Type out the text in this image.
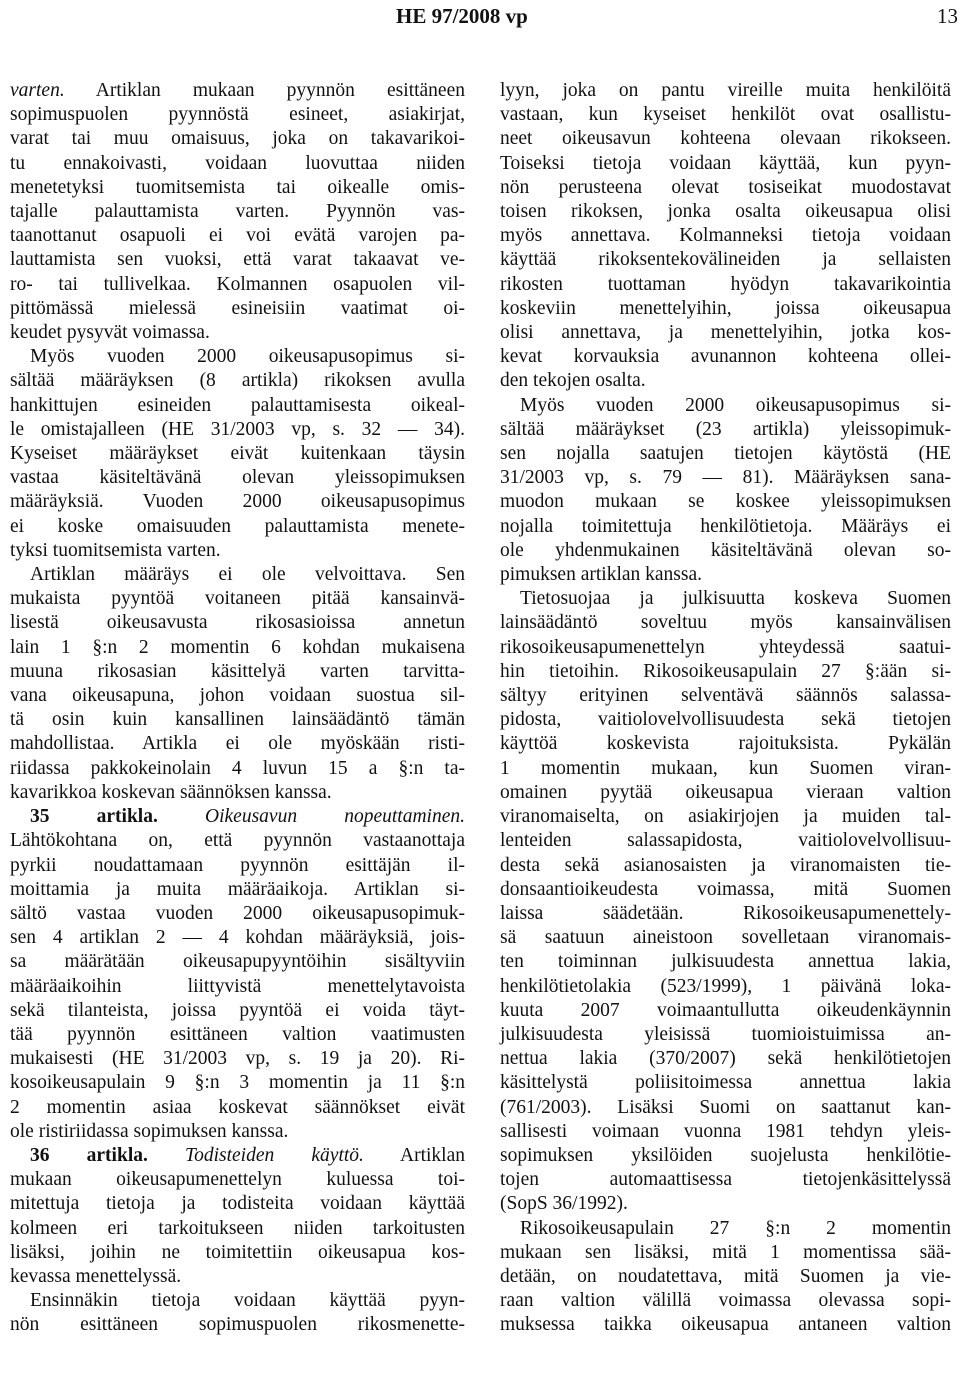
HE 97/2008 vp	13

varten. Artiklan mukaan pyynnön esittäneen
sopimuspuolen pyynnöstä esineet, asiakirjat,
varat tai muu omaisuus, joka on takavarikoi-
tu ennakoivasti, voidaan luovuttaa niiden
menetetyksi tuomitsemista tai oikealle omis-
tajalle palauttamista varten. Pyynnön vas-
taanottanut osapuoli ei voi evätä varojen pa-
lauttamista sen vuoksi, että varat takaavat ve-
ro- tai tullivelkaa. Kolmannen osapuolen vil-
pittömässä mielessä esineisiin vaatimat oi-
keudet pysyvät voimassa.

Myös vuoden 2000 oikeusapusopimus si-
sältää määräyksen (8 artikla) rikoksen avulla
hankittujen esineiden palauttamisesta oikeal-
le omistajalleen (HE 31/2003 vp, s. 32 — 34).
Kyseiset määräykset eivät kuitenkaan täysin
vastaa käsiteltävänä olevan yleissopimuksen
määräyksiä. Vuoden 2000 oikeusapusopimus
ei koske omaisuuden palauttamista menete-
tyksi tuomitsemista varten.

Artiklan määräys ei ole velvoittava. Sen
mukaista pyyntöä voitaneen pitää kansainvä-
lisestä oikeusavusta rikosasioissa annetun
lain 1 §:n 2 momentin 6 kohdan mukaisena
muuna rikosasian käsittelyä varten tarvitta-
vana oikeusapuna, johon voidaan suostua sil-
tä osin kuin kansallinen lainsäädäntö tämän
mahdollistaa. Artikla ei ole myöskään risti-
riidassa pakkokeinolain 4 luvun 15 a §:n ta-
kavarikkoa koskevan säännöksen kanssa.

35 artikla. Oikeusavun nopeuttaminen.
Lähtökohtana on, että pyynnön vastaanottaja
pyrkii noudattamaan pyynnön esittäjän il-
moittamia ja muita määräaikoja. Artiklan si-
sältö vastaa vuoden 2000 oikeusapusopimuk-
sen 4 artiklan 2 — 4 kohdan määräyksiä, jois-
sa määrätään oikeusapupyyntöihin sisältyviin
määräaikoihin liittyvistä menettelytavoista
sekä tilanteista, joissa pyyntöä ei voida täyt-
tää pyynnön esittäneen valtion vaatimusten
mukaisesti (HE 31/2003 vp, s. 19 ja 20). Ri-
kosoikeusapulain 9 §:n 3 momentin ja 11 §:n
2 momentin asiaa koskevat säännökset eivät
ole ristiriidassa sopimuksen kanssa.

36 artikla. Todisteiden käyttö. Artiklan
mukaan oikeusapumenettelyn kuluessa toi-
mitettuja tietoja ja todisteita voidaan käyttää
kolmeen eri tarkoitukseen niiden tarkoitusten
lisäksi, joihin ne toimitettiin oikeusapua kos-
kevassa menettelyssä.

Ensinnäkin tietoja voidaan käyttää pyyn-
nön esittäneen sopimuspuolen rikosmenette-

lyyn, joka on pantu vireille muita henkilöitä
vastaan, kun kyseiset henkilöt ovat osallistu-
neet oikeusavun kohteena olevaan rikokseen.
Toiseksi tietoja voidaan käyttää, kun pyyn-
nön perusteena olevat tosiseikat muodostavat
toisen rikoksen, jonka osalta oikeusapua olisi
myös annettava. Kolmanneksi tietoja voidaan
käyttää rikoksentekovälineiden ja sellaisten
rikosten tuottaman hyödyn takavarikointia
koskeviin menettelyihin, joissa oikeusapua
olisi annettava, ja menettelyihin, jotka kos-
kevat korvauksia avunannon kohteena ollei-
den tekojen osalta.

Myös vuoden 2000 oikeusapusopimus si-
sältää määräykset (23 artikla) yleissopimuk-
sen nojalla saatujen tietojen käytöstä (HE
31/2003 vp, s. 79 — 81). Määräyksen sana-
muodon mukaan se koskee yleissopimuksen
nojalla toimitettuja henkilötietoja. Määräys ei
ole yhdenmukainen käsiteltävänä olevan so-
pimuksen artiklan kanssa.

Tietosuojaa ja julkisuutta koskeva Suomen
lainsäädäntö soveltuu myös kansainvälisen
rikosoikeusapumenettelyn yhteydessä saatui-
hin tietoihin. Rikosoikeusapulain 27 §:ään si-
sältyy erityinen selventävä säännös salassa-
pidosta, vaitiolovelvollisuudesta sekä tietojen
käyttöä koskevista rajoituksista. Pykälän
1 momentin mukaan, kun Suomen viran-
omainen pyytää oikeusapua vieraan valtion
viranomaiselta, on asiakirjojen ja muiden tal-
lenteiden salassapidosta, vaitiolovelvollisuu-
desta sekä asianosaisten ja viranomaisten tie-
donsaantioikeudesta voimassa, mitä Suomen
laissa säädetään. Rikosoikeusapumenettely-
sä saatuun aineistoon sovelletaan viranomais-
ten toiminnan julkisuudesta annettua lakia,
henkilötietolakia (523/1999), 1 päivänä loka-
kuuta 2007 voimaantullutta oikeudenkäynnin
julkisuudesta yleisissä tuomioistuimissa an-
nettua lakia (370/2007) sekä henkilötietojen
käsittelystä poliisitoimessa annettua lakia
(761/2003). Lisäksi Suomi on saattanut kan-
sallisesti voimaan vuonna 1981 tehdyn yleis-
sopimuksen yksilöiden suojelusta henkilötie-
tojen automaattisessa tietojenkäsittelyssä
(SopS 36/1992).

Rikosoikeusapulain 27 §:n 2 momentin
mukaan sen lisäksi, mitä 1 momentissa sää-
detään, on noudatettava, mitä Suomen ja vie-
raan valtion välillä voimassa olevassa sopi-
muksessa taikka oikeusapua antaneen valtion
